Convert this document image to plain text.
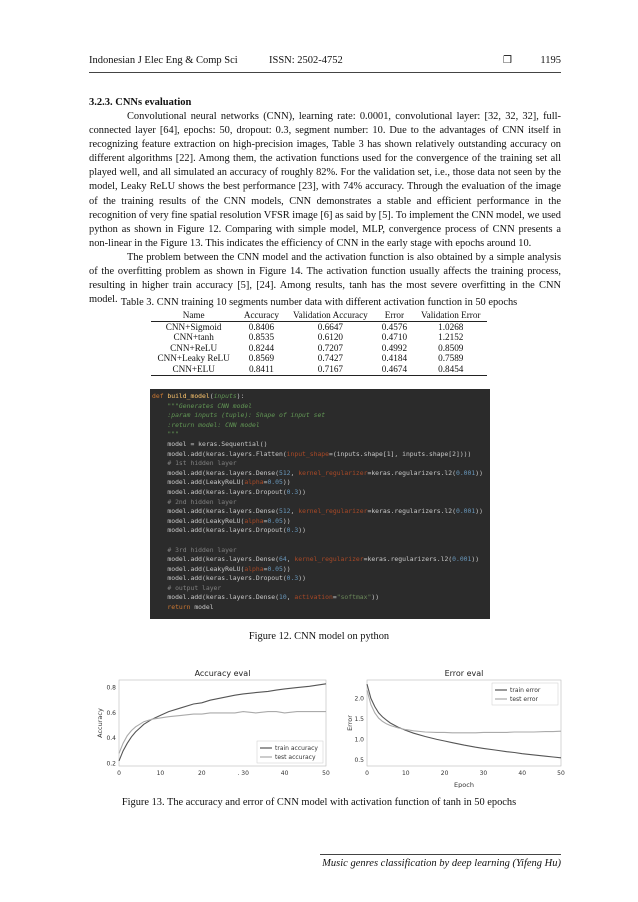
Indonesian J Elec Eng & Comp Sci	ISSN: 2502-4752	❒	1195
3.2.3. CNNs evaluation

Convolutional neural networks (CNN), learning rate: 0.0001, convolutional layer: [32, 32, 32], full-connected layer [64], epochs: 50, dropout: 0.3, segment number: 10. Due to the advantages of CNN itself in recognizing feature extraction on high-precision images, Table 3 has shown relatively outstanding accuracy on different algorithms [22]. Among them, the activation functions used for the convergence of the training set all played well, and all simulated an accuracy of roughly 82%. For the validation set, i.e., those data not seen by the model, Leaky ReLU shows the best performance [23], with 74% accuracy. Through the evaluation of the image of the training results of the CNN models, CNN demonstrates a stable and efficient performance in the recognition of very fine spatial resolution VFSR image [6] as said by [5]. To implement the CNN model, we used python as shown in Figure 12. Comparing with simple model, MLP, convergence process of CNN presents a non-linear in the Figure 13. This indicates the efficiency of CNN in the early stage with epochs around 10.

The problem between the CNN model and the activation function is also obtained by a simple analysis of the overfitting problem as shown in Figure 14. The activation function usually affects the training process, resulting in higher train accuracy [5], [24]. Among results, tanh has the most severe overfitting in the CNN model. Table 3. CNN training 10 segments number data with different activation function in 50 epochs
Name	Accuracy	Validation Accuracy	Error	Validation Error
CNN+Sigmoid	0.8406	0.6647	0.4576	1.0268
CNN+tanh	0.8535	0.6120	0.4710	1.2152
CNN+ReLU	0.8244	0.7207	0.4992	0.8509
CNN+Leaky ReLU	0.8569	0.7427	0.4184	0.7589
CNN+ELU	0.8411	0.7167	0.4674	0.8454
def build_model(inputs):
"""Generates CNN model
:param inputs (tuple): Shape of input set
:return model: CNN model
"""
model = keras.Sequential()
model.add(keras.layers.Flatten(input_shape=(inputs.shape[1], inputs.shape[2])))
# 1st hidden layer
model.add(keras.layers.Dense(512, kernel_regularizer=keras.regularizers.l2(0.001))
model.add(LeakyReLU(alpha=0.05))
model.add(keras.layers.Dropout(0.3))
# 2nd hidden layer
model.add(keras.layers.Dense(512, kernel_regularizer=keras.regularizers.l2(0.001))
model.add(LeakyReLU(alpha=0.05))
model.add(keras.layers.Dropout(0.3))
# 3rd hidden layer
model.add(keras.layers.Dense(64, kernel_regularizer=keras.regularizers.l2(0.001))
model.add(LeakyReLU(alpha=0.05))
model.add(keras.layers.Dropout(0.3))
# output layer
model.add(keras.layers.Dense(10, activation="softmax"))
return model
Figure 12. CNN model on python
Accuracy eval
0	10	20	. 30	40	50
0.2
0.4
0.6
0.8
Accuracy
train accuracy
test accuracy
Error eval
0	10	20	30	40	50
0.5
1.0
1.5
2.0
Error
Epoch
train error
test error
Figure 13. The accuracy and error of CNN model with activation function of tanh in 50 epochs
Music genres classification by deep learning (Yifeng Hu)
